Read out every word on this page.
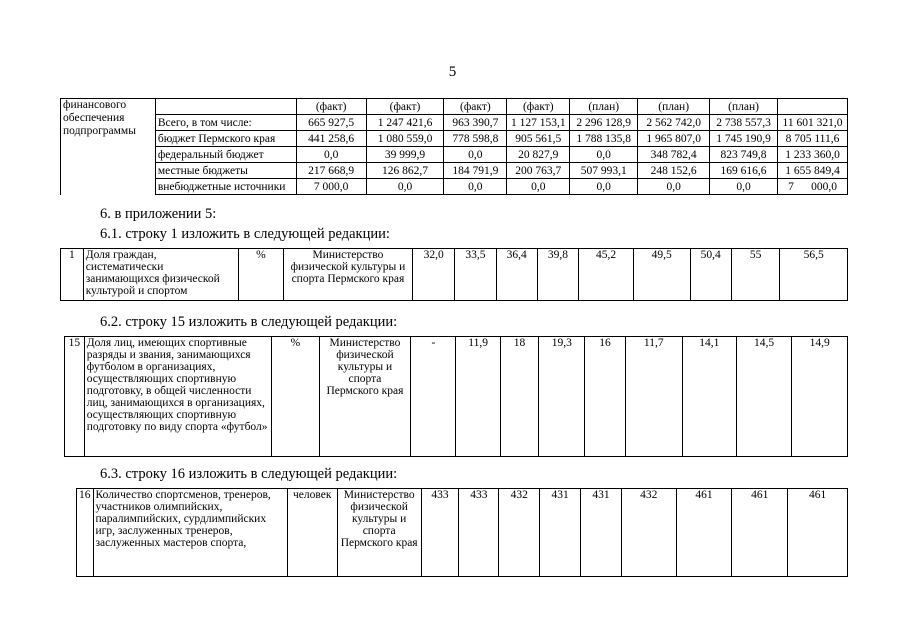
5
финансового обеспечения подпрограммы		(факт)	(факт)	(факт)	(факт)	(план)	(план)	(план)	
	Всего, в том числе:	665 927,5	1 247 421,6	963 390,7	1 127 153,1	2 296 128,9	2 562 742,0	2 738 557,3	11 601 321,0
	бюджет Пермского края	441 258,6	1 080 559,0	778 598,8	905 561,5	1 788 135,8	1 965 807,0	1 745 190,9	8 705 111,6
	федеральный бюджет	0,0	39 999,9	0,0	20 827,9	0,0	348 782,4	823 749,8	1 233 360,0
	местные бюджеты	217 668,9	126 862,7	184 791,9	200 763,7	507 993,1	248 152,6	169 616,6	1 655 849,4
	внебюджетные источники	7 000,0	0,0	0,0	0,0	0,0	0,0	0,0	7      000,0
6. в приложении 5:
6.1. строку 1 изложить в следующей редакции:
1	Доля граждан, систематически занимающихся физической культурой и спортом	%	Министерство физической культуры и спорта Пермского края	32,0	33,5	36,4	39,8	45,2	49,5	50,4	55	56,5
6.2. строку 15 изложить в следующей редакции:
15	Доля лиц, имеющих спортивные разряды и звания, занимающихся футболом в организациях, осуществляющих спортивную подготовку, в общей численности лиц, занимающихся в организациях, осуществляющих спортивную подготовку по виду спорта «футбол»	%	Министерство физической культуры и спорта Пермского края	-	11,9	18	19,3	16	11,7	14,1	14,5	14,9
6.3. строку 16 изложить в следующей редакции:
16	Количество спортсменов, тренеров, участников олимпийских, паралимпийских, сурдлимпийских игр, заслуженных тренеров, заслуженных мастеров спорта,	человек	Министерство физической культуры и спорта Пермского края	433	433	432	431	431	432	461	461	461
